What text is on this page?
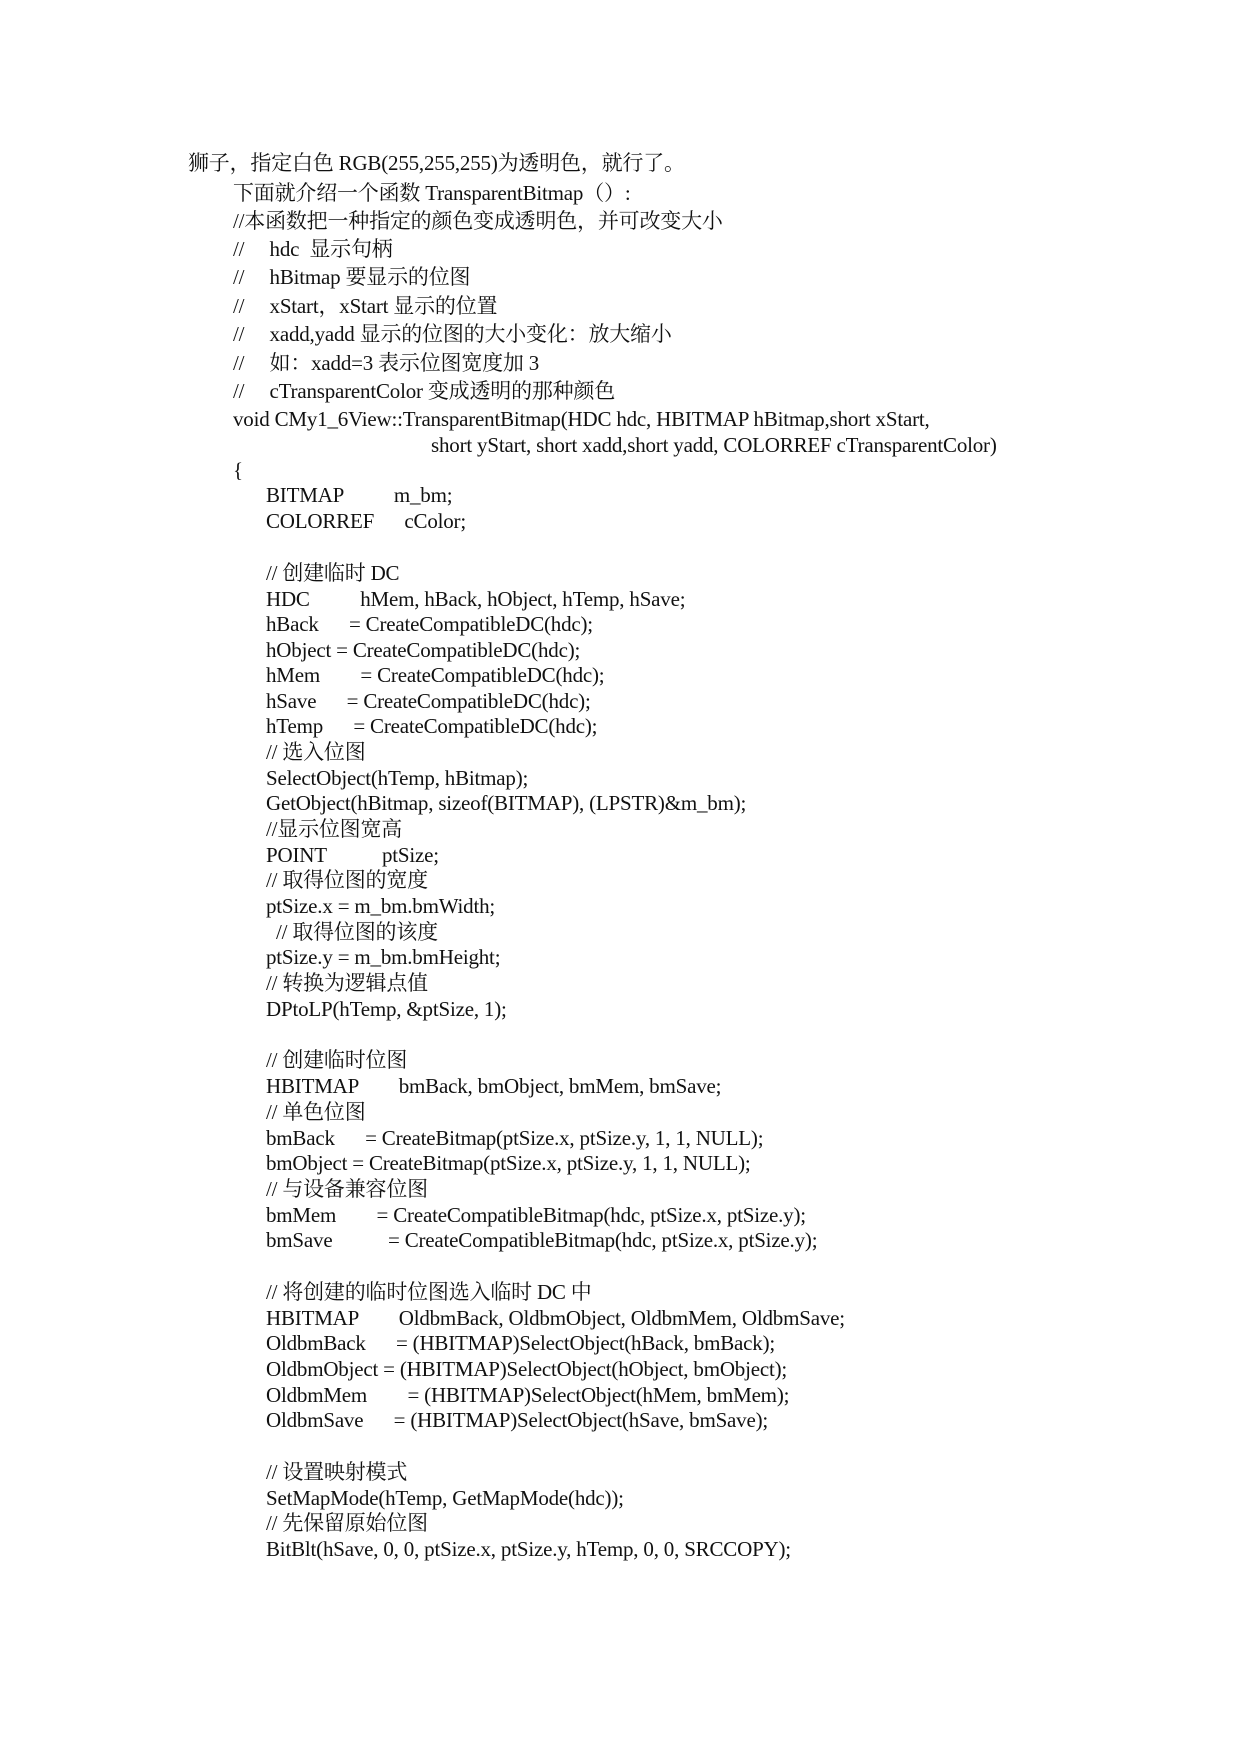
狮子，指定白色 RGB(255,255,255)为透明色，就行了。
下面就介绍一个函数 TransparentBitmap（）:
//本函数把一种指定的颜色变成透明色，并可改变大小
//     hdc  显示句柄
//     hBitmap 要显示的位图
//     xStart，xStart 显示的位置
//     xadd,yadd 显示的位图的大小变化：放大缩小
//     如：xadd=3 表示位图宽度加 3
//     cTransparentColor 变成透明的那种颜色
void CMy1_6View::TransparentBitmap(HDC hdc, HBITMAP hBitmap,short xStart,
short yStart, short xadd,short yadd, COLORREF cTransparentColor)
{
BITMAP          m_bm;
COLORREF      cColor;
// 创建临时 DC
HDC          hMem, hBack, hObject, hTemp, hSave;
hBack      = CreateCompatibleDC(hdc);
hObject = CreateCompatibleDC(hdc);
hMem        = CreateCompatibleDC(hdc);
hSave      = CreateCompatibleDC(hdc);
hTemp      = CreateCompatibleDC(hdc);
// 选入位图
SelectObject(hTemp, hBitmap);
GetObject(hBitmap, sizeof(BITMAP), (LPSTR)&m_bm);
//显示位图宽高
POINT           ptSize;
// 取得位图的宽度
ptSize.x = m_bm.bmWidth;
// 取得位图的该度
ptSize.y = m_bm.bmHeight;
// 转换为逻辑点值
DPtoLP(hTemp, &ptSize, 1);
// 创建临时位图
HBITMAP        bmBack, bmObject, bmMem, bmSave;
// 单色位图
bmBack      = CreateBitmap(ptSize.x, ptSize.y, 1, 1, NULL);
bmObject = CreateBitmap(ptSize.x, ptSize.y, 1, 1, NULL);
// 与设备兼容位图
bmMem        = CreateCompatibleBitmap(hdc, ptSize.x, ptSize.y);
bmSave           = CreateCompatibleBitmap(hdc, ptSize.x, ptSize.y);
// 将创建的临时位图选入临时 DC 中
HBITMAP        OldbmBack, OldbmObject, OldbmMem, OldbmSave;
OldbmBack      = (HBITMAP)SelectObject(hBack, bmBack);
OldbmObject = (HBITMAP)SelectObject(hObject, bmObject);
OldbmMem        = (HBITMAP)SelectObject(hMem, bmMem);
OldbmSave      = (HBITMAP)SelectObject(hSave, bmSave);
// 设置映射模式
SetMapMode(hTemp, GetMapMode(hdc));
// 先保留原始位图
BitBlt(hSave, 0, 0, ptSize.x, ptSize.y, hTemp, 0, 0, SRCCOPY);
